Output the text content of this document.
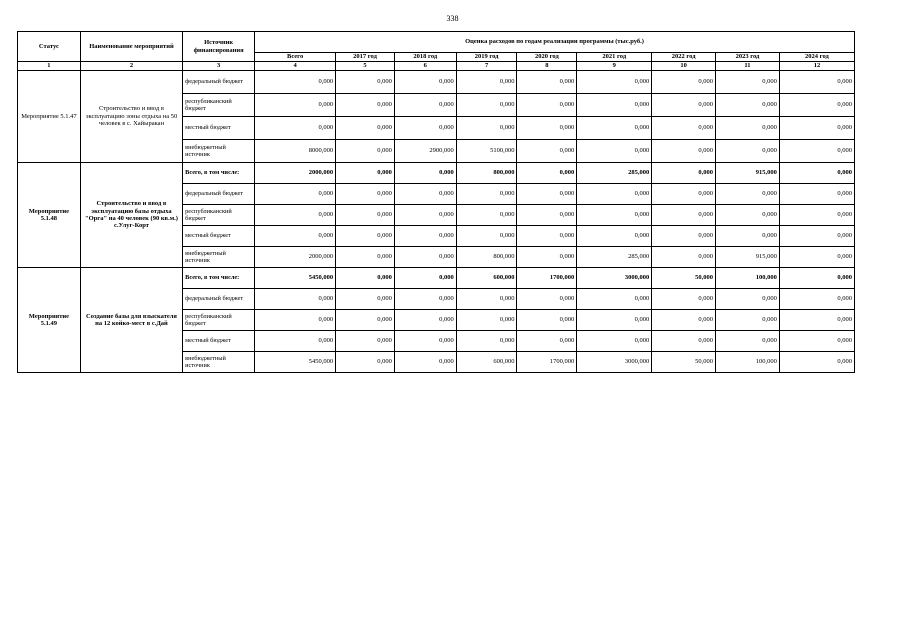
338
Статус	Наименование мероприятий	Источник финансирования	Оценка расходов по годам реализации программы (тыс.руб.)								
			Всего	2017 год	2018 год	2019 год	2020 год	2021 год	2022 год	2023 год	2024 год
1	2	3	4	5	6	7	8	9	10	11	12
Мероприятие 5.1.47	Строительство и ввод в эксплуатацию зоны отдыха на 50 человек в с. Хайыракан	федеральный бюджет	0,000	0,000	0,000	0,000	0,000	0,000	0,000	0,000	0,000
		республиканский бюджет	0,000	0,000	0,000	0,000	0,000	0,000	0,000	0,000	0,000
		местный бюджет	0,000	0,000	0,000	0,000	0,000	0,000	0,000	0,000	0,000
		внебюджетный источник	8000,000	0,000	2900,000	5100,000	0,000	0,000	0,000	0,000	0,000
Мероприятие 5.1.48	Строительство и ввод в эксплуатацию базы отдыха "Орга" на 40 человек (90 кв.м.) с.Улуг-Корт	Всего, в том числе:	2000,000	0,000	0,000	800,000	0,000	285,000	0,000	915,000	0,000
		федеральный бюджет	0,000	0,000	0,000	0,000	0,000	0,000	0,000	0,000	0,000
		республиканский бюджет	0,000	0,000	0,000	0,000	0,000	0,000	0,000	0,000	0,000
		местный бюджет	0,000	0,000	0,000	0,000	0,000	0,000	0,000	0,000	0,000
		внебюджетный источник	2000,000	0,000	0,000	800,000	0,000	285,000	0,000	915,000	0,000
Мероприятие 5.1.49	Создание базы для взыскателя на 12 койко-мест в с.Дай	Всего, в том числе:	5450,000	0,000	0,000	600,000	1700,000	3000,000	50,000	100,000	0,000
		федеральный бюджет	0,000	0,000	0,000	0,000	0,000	0,000	0,000	0,000	0,000
		республиканский бюджет	0,000	0,000	0,000	0,000	0,000	0,000	0,000	0,000	0,000
		местный бюджет	0,000	0,000	0,000	0,000	0,000	0,000	0,000	0,000	0,000
		внебюджетный источник	5450,000	0,000	0,000	600,000	1700,000	3000,000	50,000	100,000	0,000
